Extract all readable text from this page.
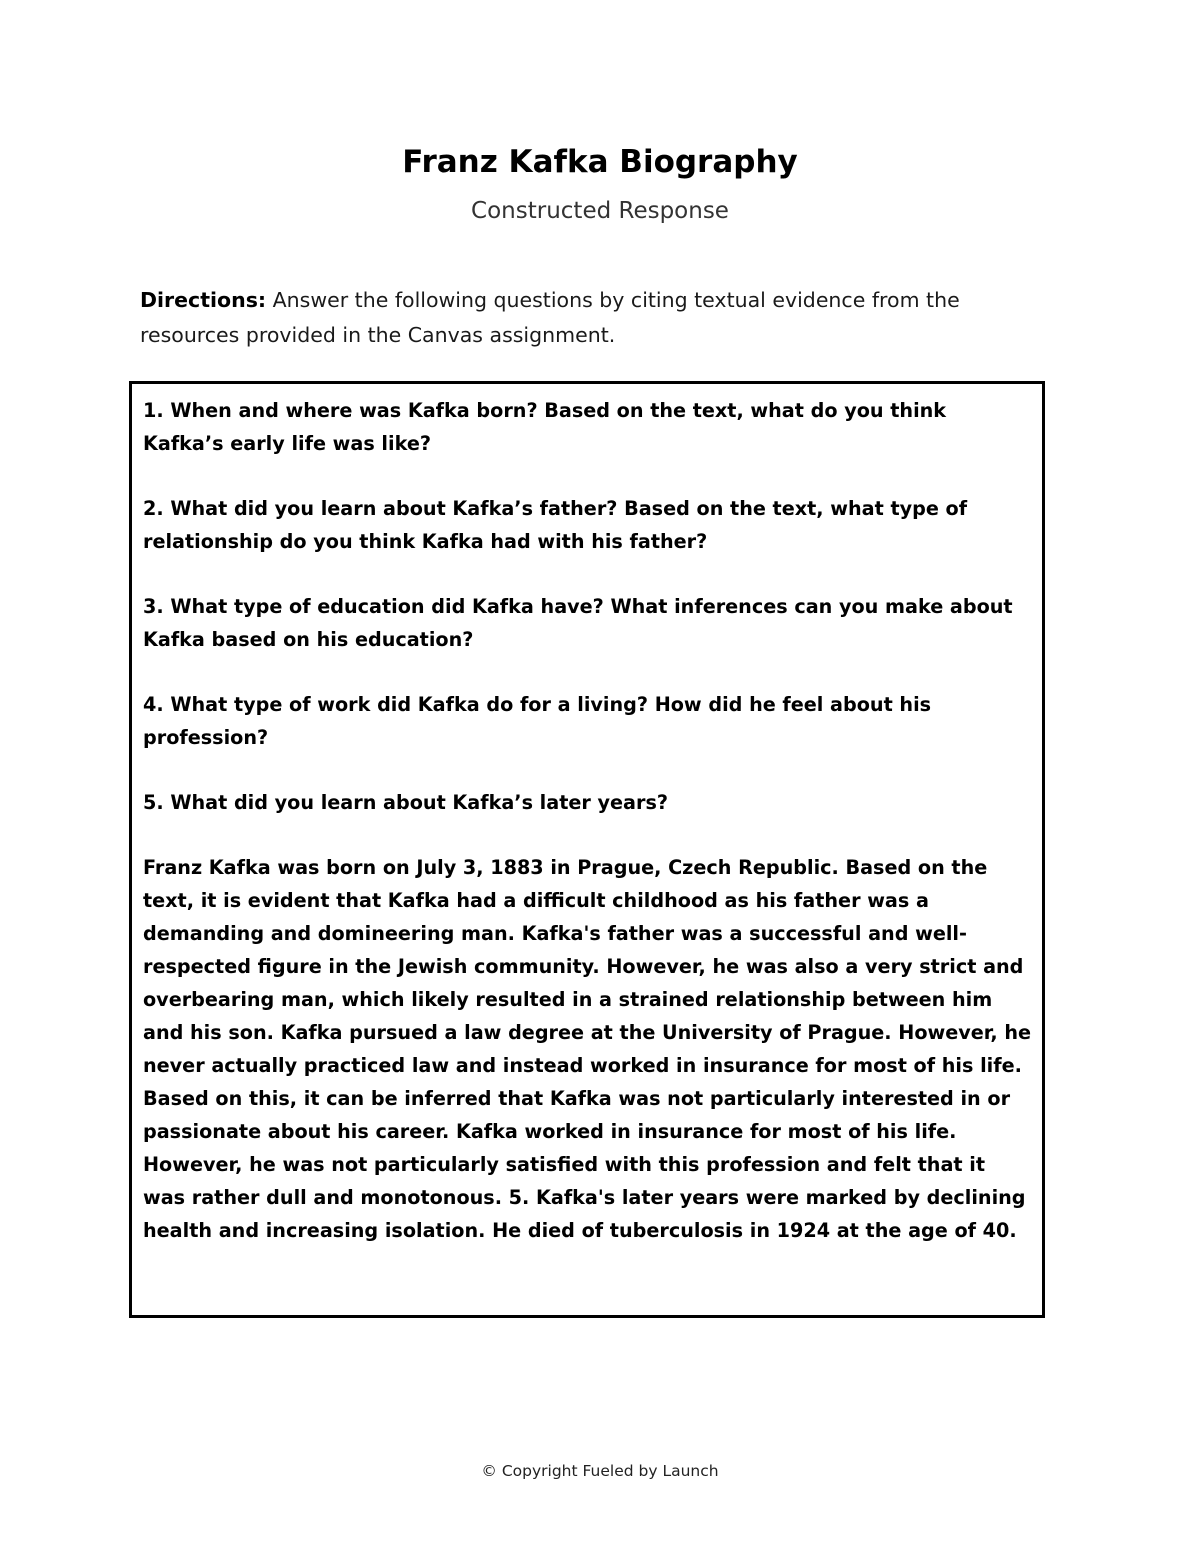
Franz Kafka Biography

Constructed Response

Directions: Answer the following questions by citing textual evidence from the resources provided in the Canvas assignment.

1. When and where was Kafka born? Based on the text, what do you think Kafka’s early life was like?

2. What did you learn about Kafka’s father? Based on the text, what type of relationship do you think Kafka had with his father?

3. What type of education did Kafka have? What inferences can you make about Kafka based on his education?

4. What type of work did Kafka do for a living? How did he feel about his profession?

5. What did you learn about Kafka’s later years?

Franz Kafka was born on July 3, 1883 in Prague, Czech Republic. Based on the text, it is evident that Kafka had a difficult childhood as his father was a demanding and domineering man. Kafka's father was a successful and well-respected figure in the Jewish community. However, he was also a very strict and overbearing man, which likely resulted in a strained relationship between him and his son. Kafka pursued a law degree at the University of Prague. However, he never actually practiced law and instead worked in insurance for most of his life. Based on this, it can be inferred that Kafka was not particularly interested in or passionate about his career. Kafka worked in insurance for most of his life. However, he was not particularly satisfied with this profession and felt that it was rather dull and monotonous. 5. Kafka's later years were marked by declining health and increasing isolation. He died of tuberculosis in 1924 at the age of 40.

© Copyright Fueled by Launch
